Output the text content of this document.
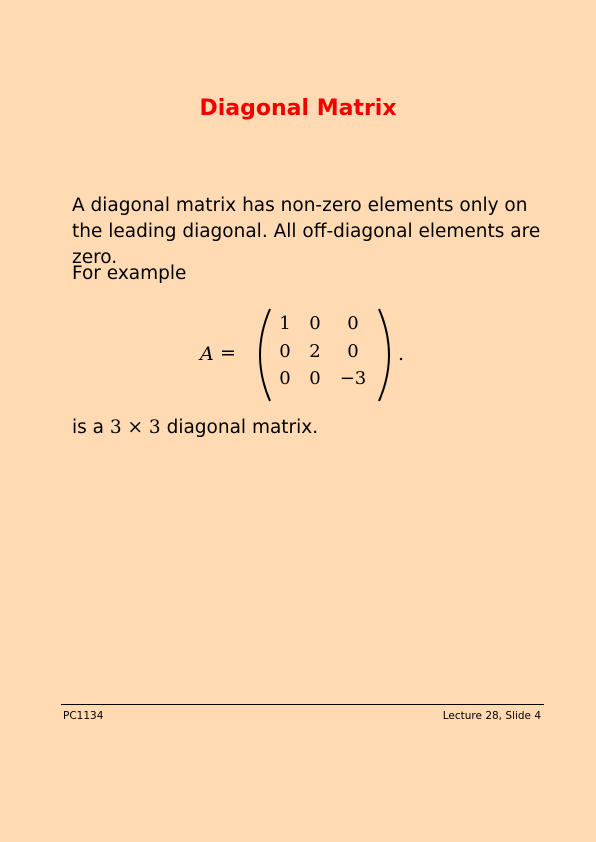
Diagonal Matrix
A diagonal matrix has non-zero elements only on the leading diagonal. All off-diagonal elements are zero.
For example
A =
1	0	0
0	2	0
0	0	−3
.
is a 3 × 3 diagonal matrix.
PC1134	Lecture 28, Slide 4
